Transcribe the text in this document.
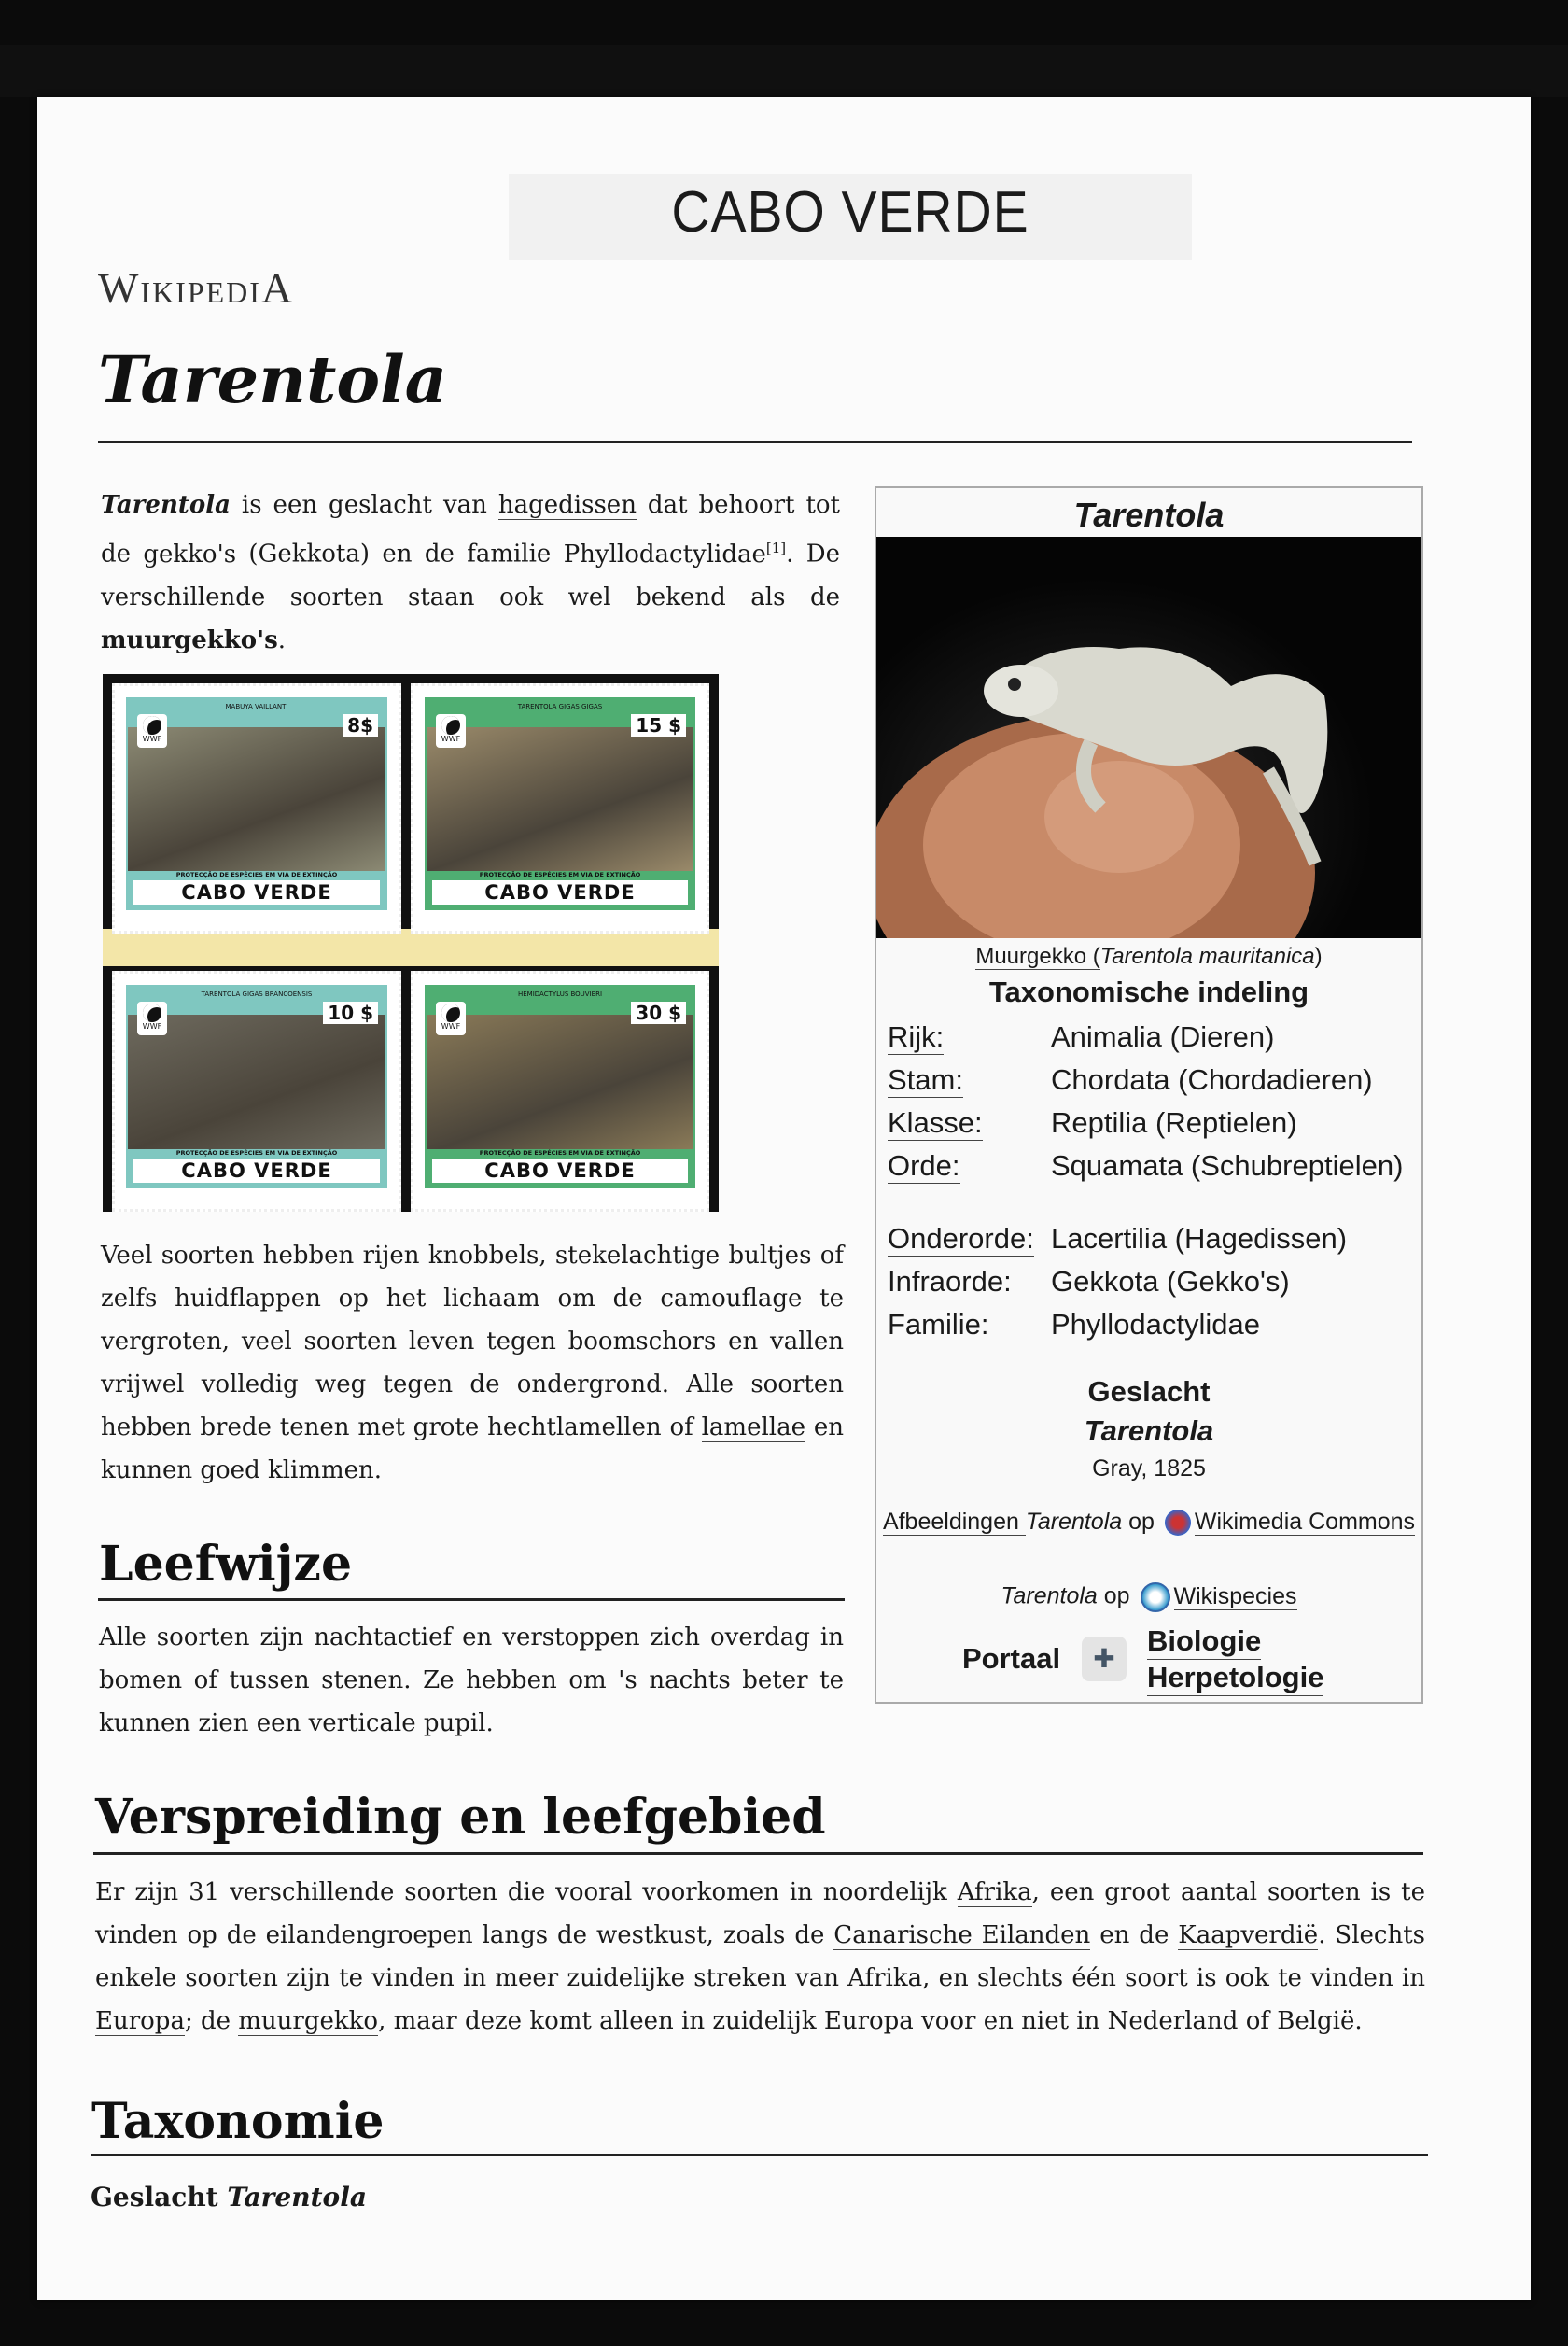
CABO VERDE
WikipediA
Tarentola
Tarentola is een geslacht van hagedissen dat behoort tot de gekko's (Gekkota) en de familie Phyllodactylidae[1]. De verschillende soorten staan ook wel bekend als de muurgekko's.
MABUYA VAILLANTI
WWF
8$
PROTECÇÃO DE ESPÉCIES EM VIA DE EXTINÇÃO
CABO VERDE
TARENTOLA GIGAS GIGAS
WWF
15 $
PROTECÇÃO DE ESPÉCIES EM VIA DE EXTINÇÃO
CABO VERDE
TARENTOLA GIGAS BRANCOENSIS
WWF
10 $
PROTECÇÃO DE ESPÉCIES EM VIA DE EXTINÇÃO
CABO VERDE
HEMIDACTYLUS BOUVIERI
WWF
30 $
PROTECÇÃO DE ESPÉCIES EM VIA DE EXTINÇÃO
CABO VERDE
Veel soorten hebben rijen knobbels, stekelachtige bultjes of zelfs huidflappen op het lichaam om de camouflage te vergroten, veel soorten leven tegen boomschors en vallen vrijwel volledig weg tegen de ondergrond. Alle soorten hebben brede tenen met grote hechtlamellen of lamellae en kunnen goed klimmen.
Leefwijze
Alle soorten zijn nachtactief en verstoppen zich overdag in bomen of tussen stenen. Ze hebben om 's nachts beter te kunnen zien een verticale pupil.
Verspreiding en leefgebied
Er zijn 31 verschillende soorten die vooral voorkomen in noordelijk Afrika, een groot aantal soorten is te vinden op de eilandengroepen langs de westkust, zoals de Canarische Eilanden en de Kaapverdië. Slechts enkele soorten zijn te vinden in meer zuidelijke streken van Afrika, en slechts één soort is ook te vinden in Europa; de muurgekko, maar deze komt alleen in zuidelijk Europa voor en niet in Nederland of België.
Taxonomie
Geslacht Tarentola
Tarentola
Muurgekko (Tarentola mauritanica)
Taxonomische indeling
Rijk:	Animalia (Dieren)
Stam:	Chordata (Chordadieren)
Klasse: Reptilia (Reptielen)
Orde:	Squamata (Schubreptielen)
Onderorde: Lacertilia (Hagedissen)
Infraorde: Gekkota (Gekko's)
Familie: Phyllodactylidae
Geslacht
Tarentola
Gray, 1825
Afbeeldingen Tarentola op Wikimedia Commons
Tarentola op Wikispecies
Portaal	✚
Biologie
Herpetologie
